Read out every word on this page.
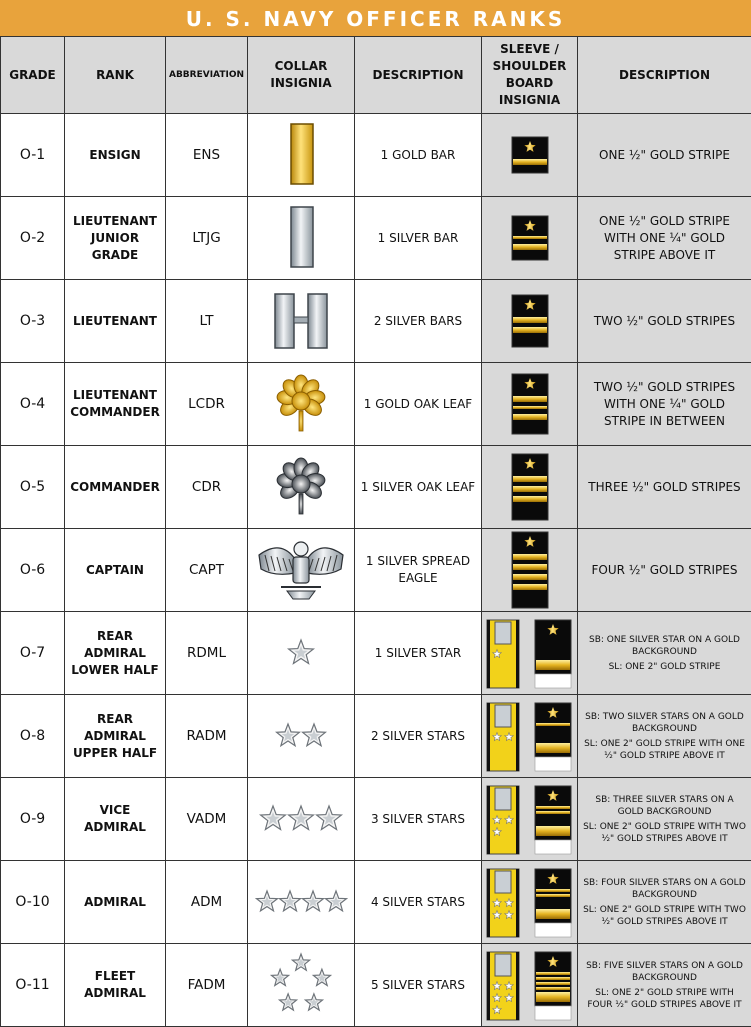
U. S. NAVY OFFICER RANKS
GRADE	RANK	ABBREVIATION	COLLAR INSIGNIA	DESCRIPTION	SLEEVE / SHOULDER BOARD INSIGNIA	DESCRIPTION
O-1	ENSIGN	ENS		1 GOLD BAR		ONE ½" GOLD STRIPE
O-2	LIEUTENANT JUNIOR GRADE	LTJG		1 SILVER BAR		ONE ½" GOLD STRIPE WITH ONE ¼" GOLD STRIPE ABOVE IT
O-3	LIEUTENANT	LT		2 SILVER BARS		TWO ½" GOLD STRIPES
O-4	LIEUTENANT COMMANDER	LCDR		1 GOLD OAK LEAF		TWO ½" GOLD STRIPES WITH ONE ¼" GOLD STRIPE IN BETWEEN
O-5	COMMANDER	CDR		1 SILVER OAK LEAF		THREE ½" GOLD STRIPES
O-6	CAPTAIN	CAPT		1 SILVER SPREAD EAGLE		FOUR ½" GOLD STRIPES
O-7	REAR ADMIRAL LOWER HALF	RDML		1 SILVER STAR		SB: ONE SILVER STAR ON A GOLD BACKGROUND
SL: ONE 2" GOLD STRIPE

O-8	REAR ADMIRAL UPPER HALF	RADM		2 SILVER STARS		SB: TWO SILVER STARS ON A GOLD BACKGROUND
SL: ONE 2" GOLD STRIPE WITH ONE ½" GOLD STRIPE ABOVE IT

O-9	VICE ADMIRAL	VADM		3 SILVER STARS		SB: THREE SILVER STARS ON A GOLD BACKGROUND
SL: ONE 2" GOLD STRIPE WITH TWO ½" GOLD STRIPES ABOVE IT

O-10	ADMIRAL	ADM		4 SILVER STARS		SB: FOUR SILVER STARS ON A GOLD BACKGROUND
SL: ONE 2" GOLD STRIPE WITH TWO ½" GOLD STRIPES ABOVE IT

O-11	FLEET ADMIRAL	FADM		5 SILVER STARS		SB: FIVE SILVER STARS ON A GOLD BACKGROUND
SL: ONE 2" GOLD STRIPE WITH FOUR ½" GOLD STRIPES ABOVE IT
